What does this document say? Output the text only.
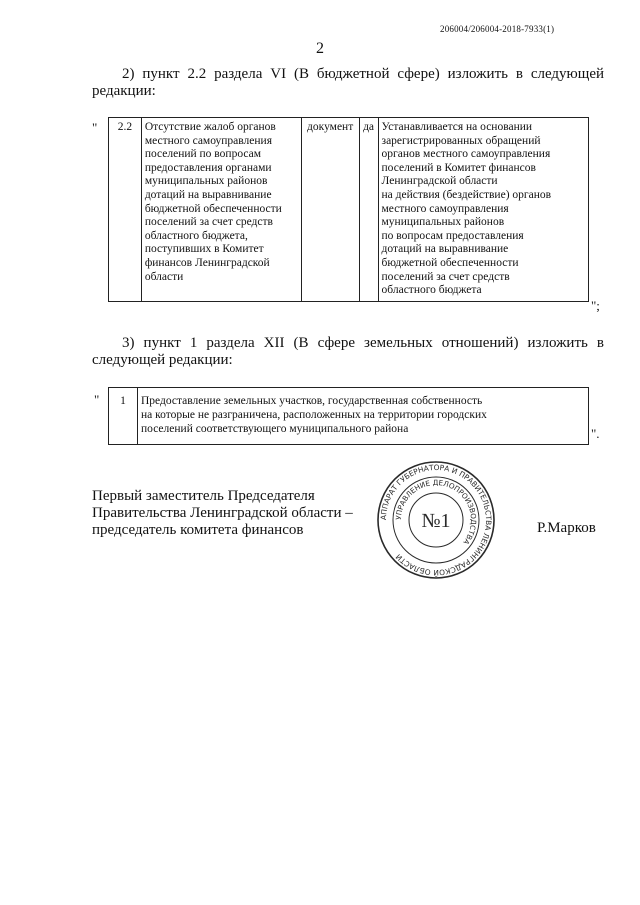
206004/206004-2018-7933(1)
2
2) пункт 2.2 раздела VI (В бюджетной сфере) изложить в следующей редакции:
" 2.2	Отсутствие жалоб органов местного самоуправления поселений по вопросам предоставления органами муниципальных районов дотаций на выравнивание бюджетной обеспеченности поселений за счет средств областного бюджета, поступивших в Комитет финансов Ленинградской области	документ	да	Устанавливается на основании
зарегистрированных обращений
органов местного самоуправления
поселений в Комитет финансов
Ленинградской области
на действия (бездействие) органов
местного самоуправления
муниципальных районов
по вопросам предоставления
дотаций на выравнивание
бюджетной обеспеченности
поселений за счет средств
областного бюджета
";
3) пункт 1 раздела XII (В сфере земельных отношений) изложить в следующей редакции:
" 1	Предоставление земельных участков, государственная собственность
на которые не разграничена, расположенных на территории городских
поселений соответствующего муниципального района	".
Первый заместитель Председателя
Правительства Ленинградской области –
председатель комитета финансов
АППАРАТ ГУБЕРНАТОРА И ПРАВИТЕЛЬСТВА ЛЕНИНГРАДСКОЙ ОБЛАСТИ
УПРАВЛЕНИЕ ДЕЛОПРОИЗВОДСТВА
№1	Р.Марков
